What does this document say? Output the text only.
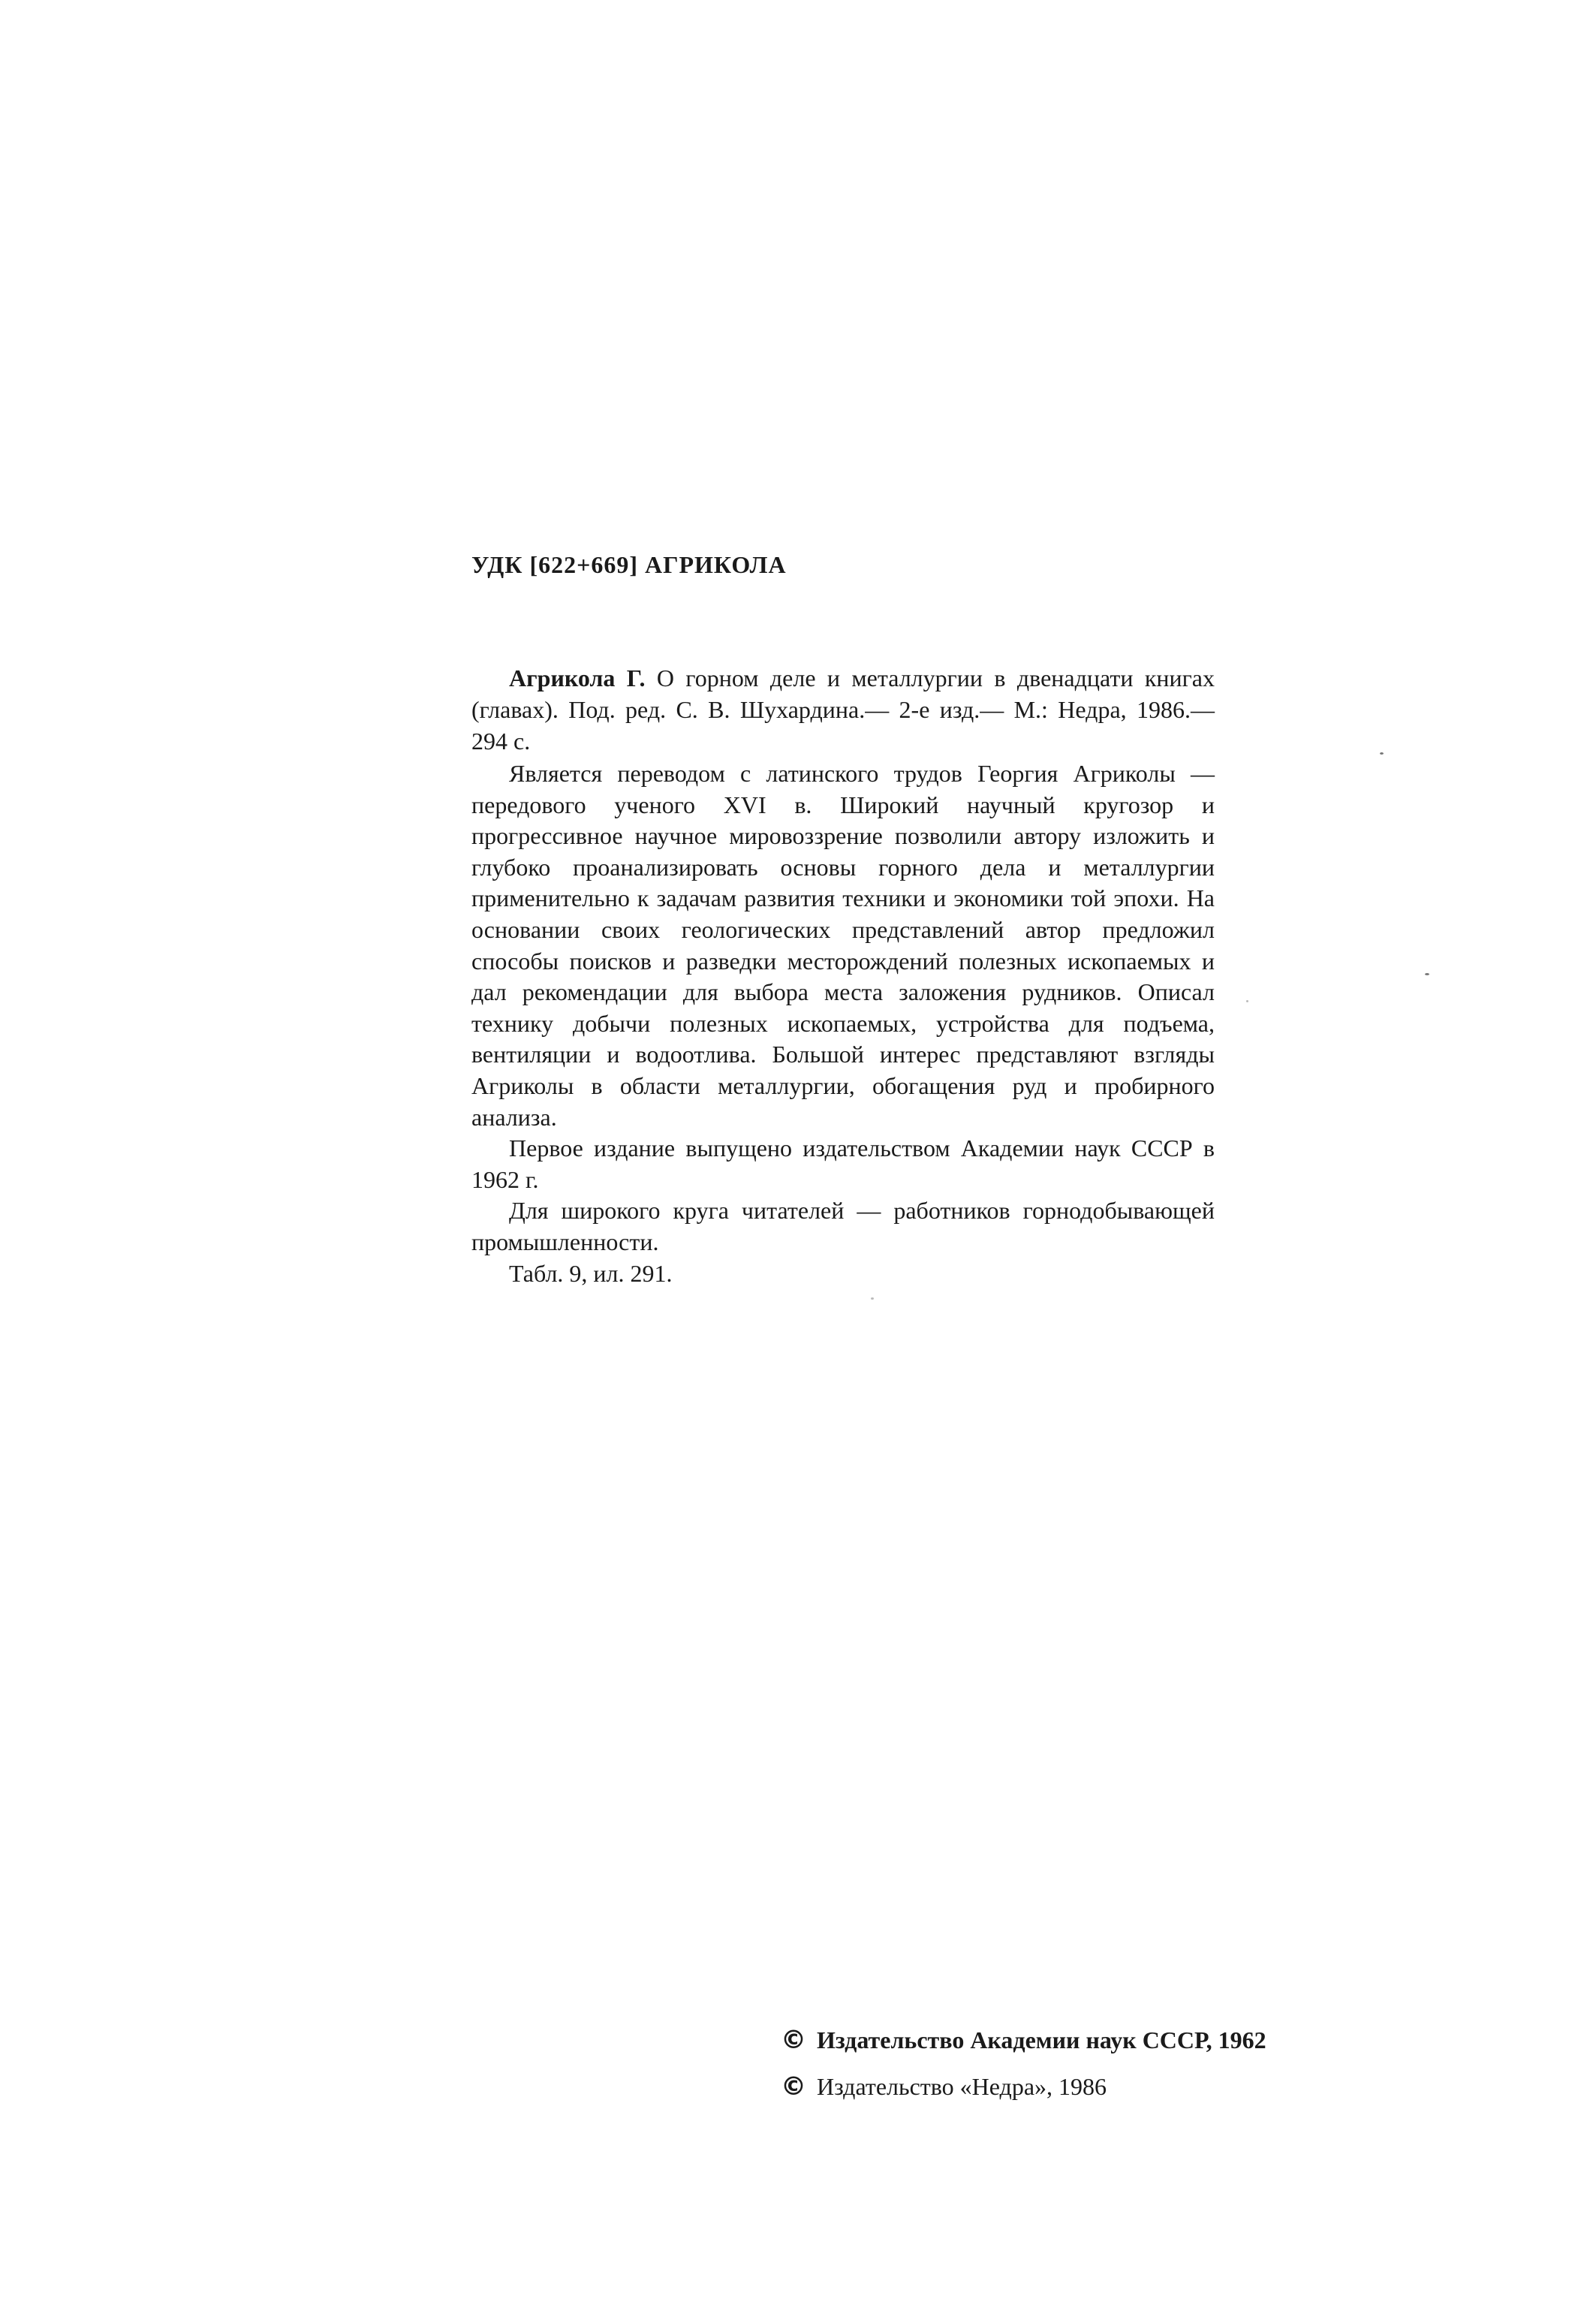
УДК [622+669] АГРИКОЛА

Агрикола Г. О горном деле и металлургии в двенадцати книгах (главах). Под. ред. С. В. Шухардина.— 2-е изд.— М.: Недра, 1986.— 294 с.

Является переводом с латинского трудов Георгия Агриколы — передового ученого XVI в. Широкий научный кругозор и прогрессивное научное мировоззрение позволили автору изложить и глубоко проанализировать основы горного дела и металлургии применительно к задачам развития техники и экономики той эпохи. На основании своих геологических представлений автор предложил способы поисков и разведки месторождений полезных ископаемых и дал рекомендации для выбора места заложения рудников. Описал технику добычи полезных ископаемых, устройства для подъема, вентиляции и водоотлива. Большой интерес представляют взгляды Агриколы в области металлургии, обогащения руд и пробирного анализа.

Первое издание выпущено издательством Академии наук СССР в 1962 г.

Для широкого круга читателей — работников горнодобывающей промышленности.

Табл. 9, ил. 291.

© Издательство Академии наук СССР, 1962
© Издательство «Недра», 1986
